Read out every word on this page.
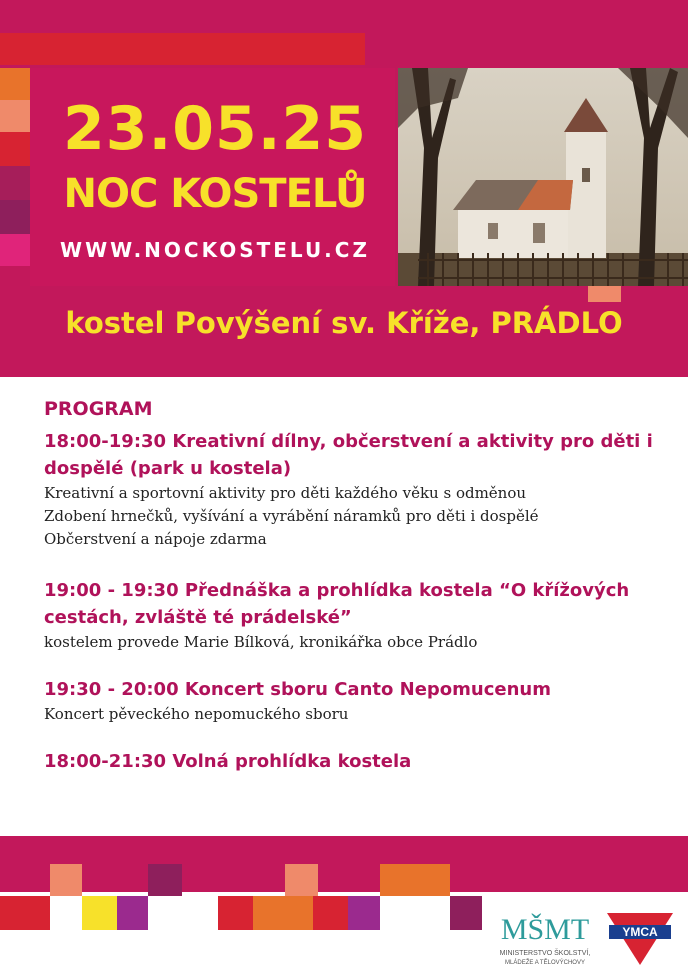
23.05.25
NOC KOSTELŮ
WWW.NOCKOSTELU.CZ
kostel Povýšení sv. Kříže, PRÁDLO
PROGRAM
18:00-19:30 Kreativní dílny, občerstvení a aktivity pro děti i dospělé (park u kostela)
Kreativní a sportovní aktivity pro děti každého věku s odměnou
Zdobení hrnečků, vyšívání a vyrábění náramků pro děti i dospělé
Občerstvení a nápoje zdarma
19:00 - 19:30 Přednáška a prohlídka kostela “O křížových cestách, zvláště té prádelské”
kostelem provede Marie Bílková, kronikářka obce Prádlo
19:30 - 20:00 Koncert sboru Canto Nepomucenum
Koncert pěveckého nepomuckého sboru
18:00-21:30 Volná prohlídka kostela
MŠMT
MINISTERSTVO ŠKOLSTVÍ,
MLÁDEŽE A TĚLOVÝCHOVY
YMCA
